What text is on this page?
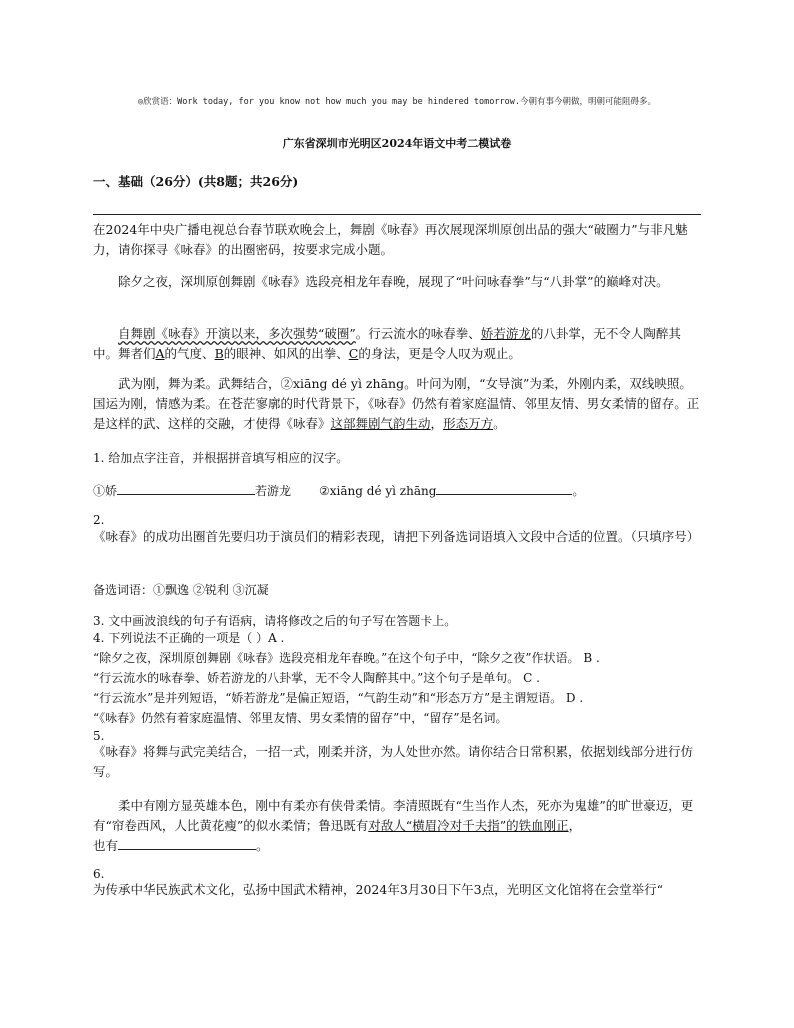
◎欣赏语：Work today, for you know not how much you may be hindered tomorrow.今朝有事今朝做，明朝可能阻碍多。
广东省深圳市光明区2024年语文中考二模试卷
一、基础（26分）(共8题；共26分)
在2024年中央广播电视总台春节联欢晚会上，舞剧《咏春》再次展现深圳原创出品的强大“破圈力”与非凡魅力，请你探寻《咏春》的出圈密码，按要求完成小题。
除夕之夜，深圳原创舞剧《咏春》选段亮相龙年春晚，展现了“叶问咏春拳”与“八卦掌”的巅峰对决。
自舞剧《咏春》开演以来，多次强势“破圈”。行云流水的咏春拳、娇若游龙的八卦掌，无不令人陶醉其中。舞者们A的气度、B的眼神、如风的出拳、C的身法，更是令人叹为观止。
武为刚，舞为柔。武舞结合，②xiāng dé yì zhāng。叶问为刚，“女导演”为柔，外刚内柔，双线映照。国运为刚，情感为柔。在苍茫寥廓的时代背景下，《咏春》仍然有着家庭温情、邻里友情、男女柔情的留存。正是这样的武、这样的交融，才使得《咏春》这部舞剧气韵生动，形态万方。
1. 给加点字注音，并根据拼音填写相应的汉字。
①娇	若游龙 ②xiāng dé yì zhāng	。
2.
《咏春》的成功出圈首先要归功于演员们的精彩表现，请把下列备选词语填入文段中合适的位置。（只填序号）
备选词语：①飘逸 ②锐利 ③沉凝
3. 文中画波浪线的句子有语病，请将修改之后的句子写在答题卡上。
4. 下列说法不正确的一项是（ ）A .
“除夕之夜，深圳原创舞剧《咏春》选段亮相龙年春晚。”在这个句子中，“除夕之夜”作状语。 B .
“行云流水的咏春拳、娇若游龙的八卦掌，无不令人陶醉其中。”这个句子是单句。 C .
“行云流水”是并列短语，“娇若游龙”是偏正短语，“气韵生动”和“形态万方”是主谓短语。 D .
“《咏春》仍然有着家庭温情、邻里友情、男女柔情的留存”中，“留存”是名词。
5.
《咏春》将舞与武完美结合，一招一式，刚柔并济，为人处世亦然。请你结合日常积累，依据划线部分进行仿写。
柔中有刚方显英雄本色，刚中有柔亦有侠骨柔情。李清照既有“生当作人杰，死亦为鬼雄”的旷世豪迈，更有“帘卷西风，人比黄花瘦”的似水柔情；鲁迅既有对敌人“横眉冷对千夫指”的铁血刚正，
也有	。
6.
为传承中华民族武术文化，弘扬中国武术精神，2024年3月30日下午3点，光明区文化馆将在会堂举行“
